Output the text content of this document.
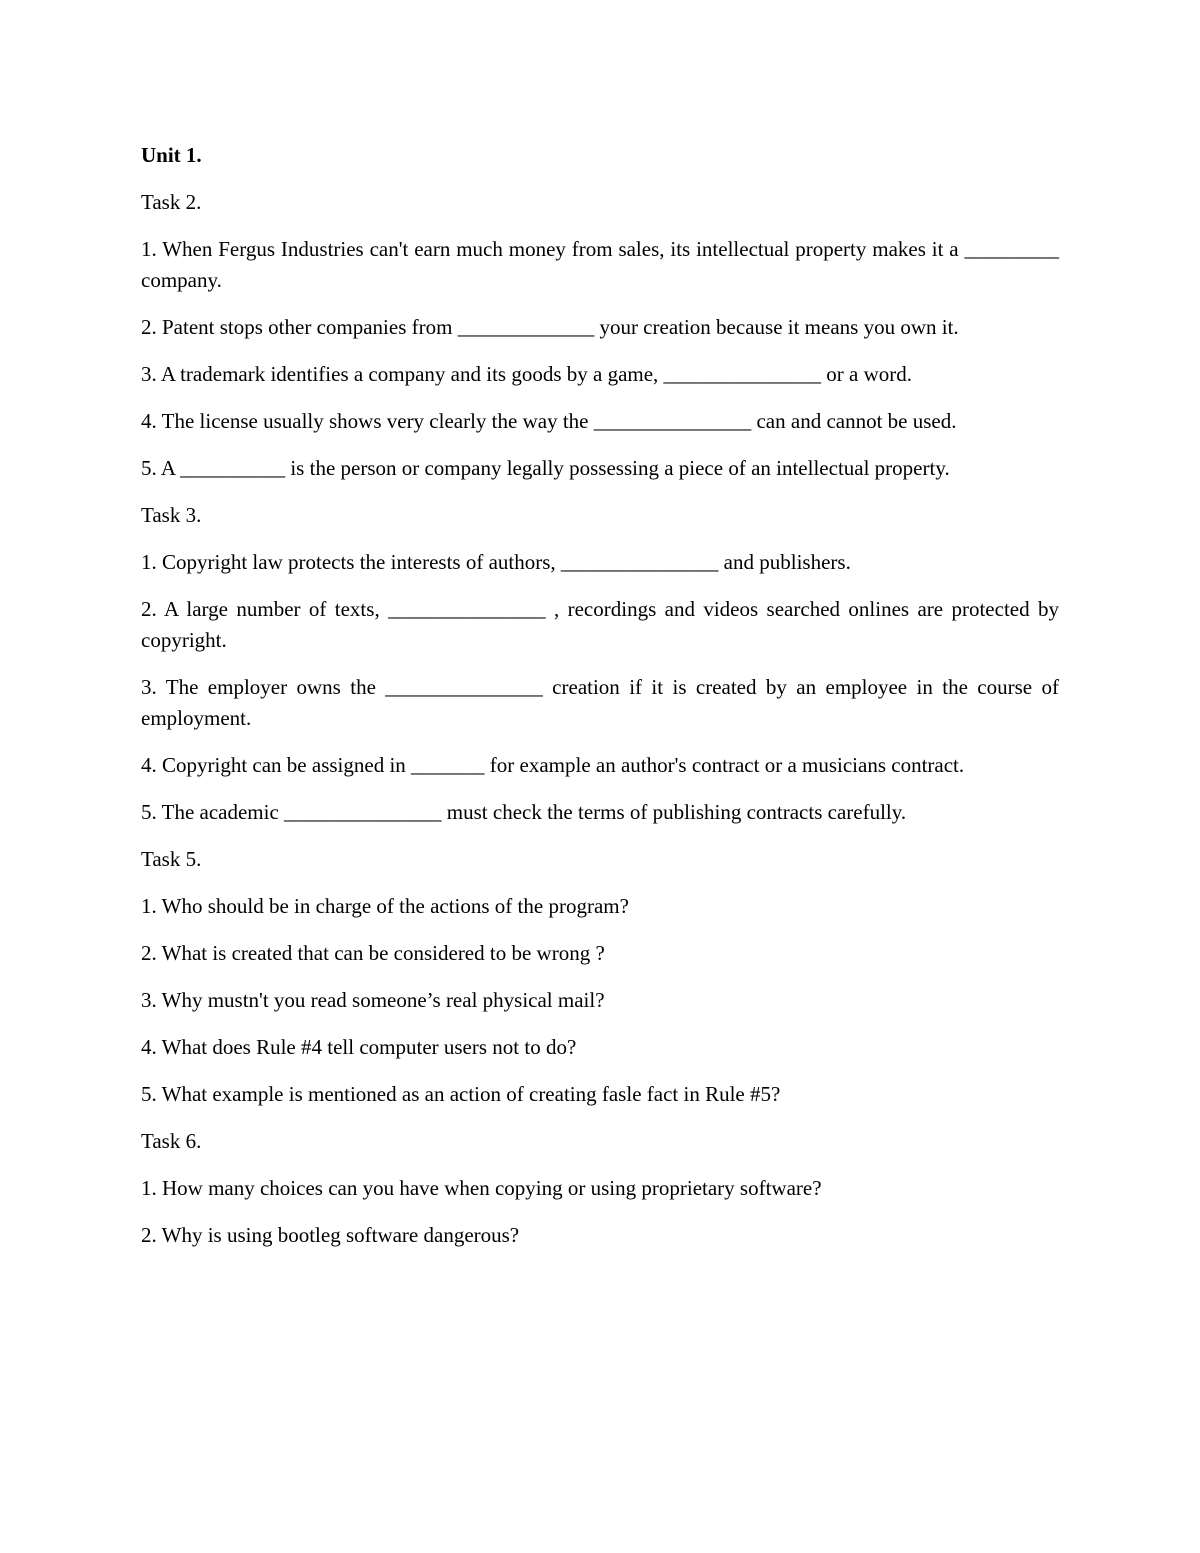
Unit 1.
Task 2.
1. When Fergus Industries can't earn much money from sales, its intellectual property makes it a _________ company.
2. Patent stops other companies from _____________ your creation because it means you own it.
3. A trademark identifies a company and its goods by a game, _______________ or a word.
4. The license usually shows very clearly the way the _______________ can and cannot be used.
5. A __________ is the person or company legally possessing a piece of an intellectual property.
Task 3.
1. Copyright law protects the interests of authors, _______________ and publishers.
2. A large number of texts, _______________ , recordings and videos searched onlines are protected by copyright.
3. The employer owns the _______________ creation if it is created by an employee in the course of employment.
4. Copyright can be assigned in _______ for example an author's contract or a musicians contract.
5. The academic _______________ must check the terms of publishing contracts carefully.
Task 5.
1. Who should be in charge of the actions of the program?
2. What is created that can be considered to be wrong ?
3. Why mustn't you read someone’s real physical mail?
4. What does Rule #4 tell computer users not to do?
5. What example is mentioned as an action of creating fasle fact in Rule #5?
Task 6.
1. How many choices can you have when copying or using proprietary software?
2. Why is using bootleg software dangerous?
